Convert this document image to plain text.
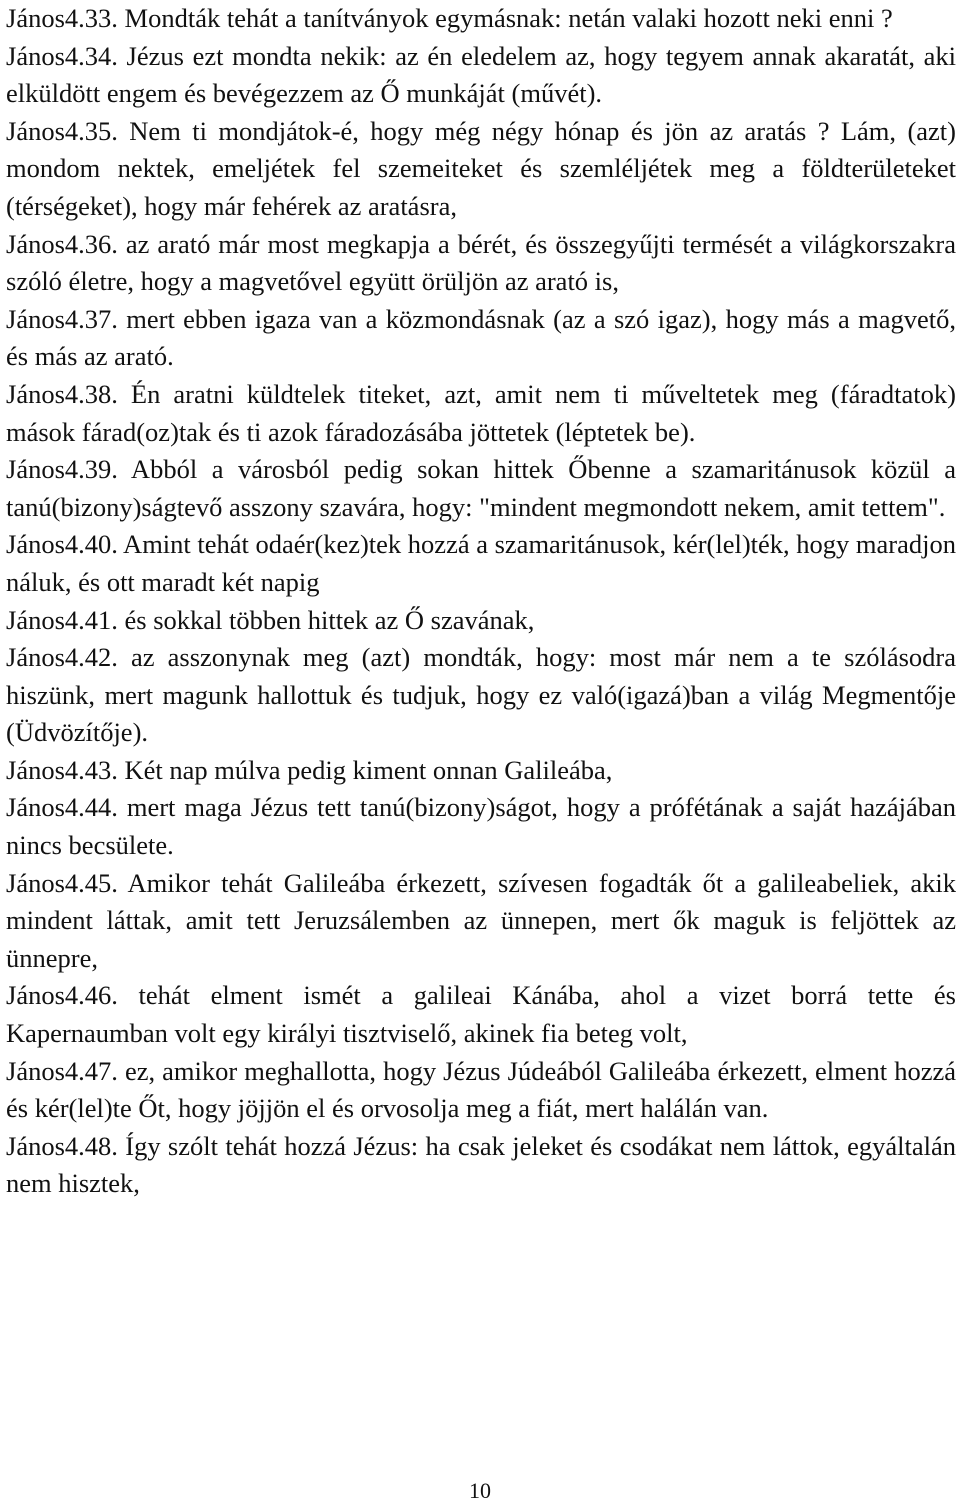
János4.33. Mondták tehát a tanítványok egymásnak: netán valaki hozott neki enni ?

János4.34. Jézus ezt mondta nekik: az én eledelem az, hogy tegyem annak akaratát, aki elküldött engem és bevégezzem az Ő munkáját (művét).

János4.35. Nem ti mondjátok-é, hogy még négy hónap és jön az aratás ? Lám, (azt) mondom nektek, emeljétek fel szemeiteket és szemléljétek meg a földterületeket (térségeket), hogy már fehérek az aratásra,

János4.36. az arató már most megkapja a bérét, és összegyűjti termését a világkorszakra szóló életre, hogy a magvetővel együtt örüljön az arató is,

János4.37. mert ebben igaza van a közmondásnak (az a szó igaz), hogy más a magvető, és más az arató.

János4.38. Én aratni küldtelek titeket, azt, amit nem ti műveltetek meg (fáradtatok) mások fárad(oz)tak és ti azok fáradozásába jöttetek (léptetek be).

János4.39. Abból a városból pedig sokan hittek Őbenne a szamaritánusok közül a tanú(bizony)ságtevő asszony szavára, hogy: "mindent megmondott nekem, amit tettem".

János4.40. Amint tehát odaér(kez)tek hozzá a szamaritánusok, kér(lel)ték, hogy maradjon náluk, és ott maradt két napig

János4.41. és sokkal többen hittek az Ő szavának,

János4.42. az asszonynak meg (azt) mondták, hogy: most már nem a te szólásodra hiszünk, mert magunk hallottuk és tudjuk, hogy ez való(igazá)ban a világ Megmentője (Üdvözítője).

János4.43. Két nap múlva pedig kiment onnan Galileába,

János4.44. mert maga Jézus tett tanú(bizony)ságot, hogy a prófétának a saját hazájában nincs becsülete.

János4.45. Amikor tehát Galileába érkezett, szívesen fogadták őt a galileabeliek, akik mindent láttak, amit tett Jeruzsálemben az ünnepen, mert ők maguk is feljöttek az ünnepre,

János4.46. tehát elment ismét a galileai Kánába, ahol a vizet borrá tette és Kapernaumban volt egy királyi tisztviselő, akinek fia beteg volt,

János4.47. ez, amikor meghallotta, hogy Jézus Júdeából Galileába érkezett, elment hozzá és kér(lel)te Őt, hogy jöjjön el és orvosolja meg a fiát, mert halálán van.

János4.48. Így szólt tehát hozzá Jézus: ha csak jeleket és csodákat nem láttok, egyáltalán nem hisztek,

10
